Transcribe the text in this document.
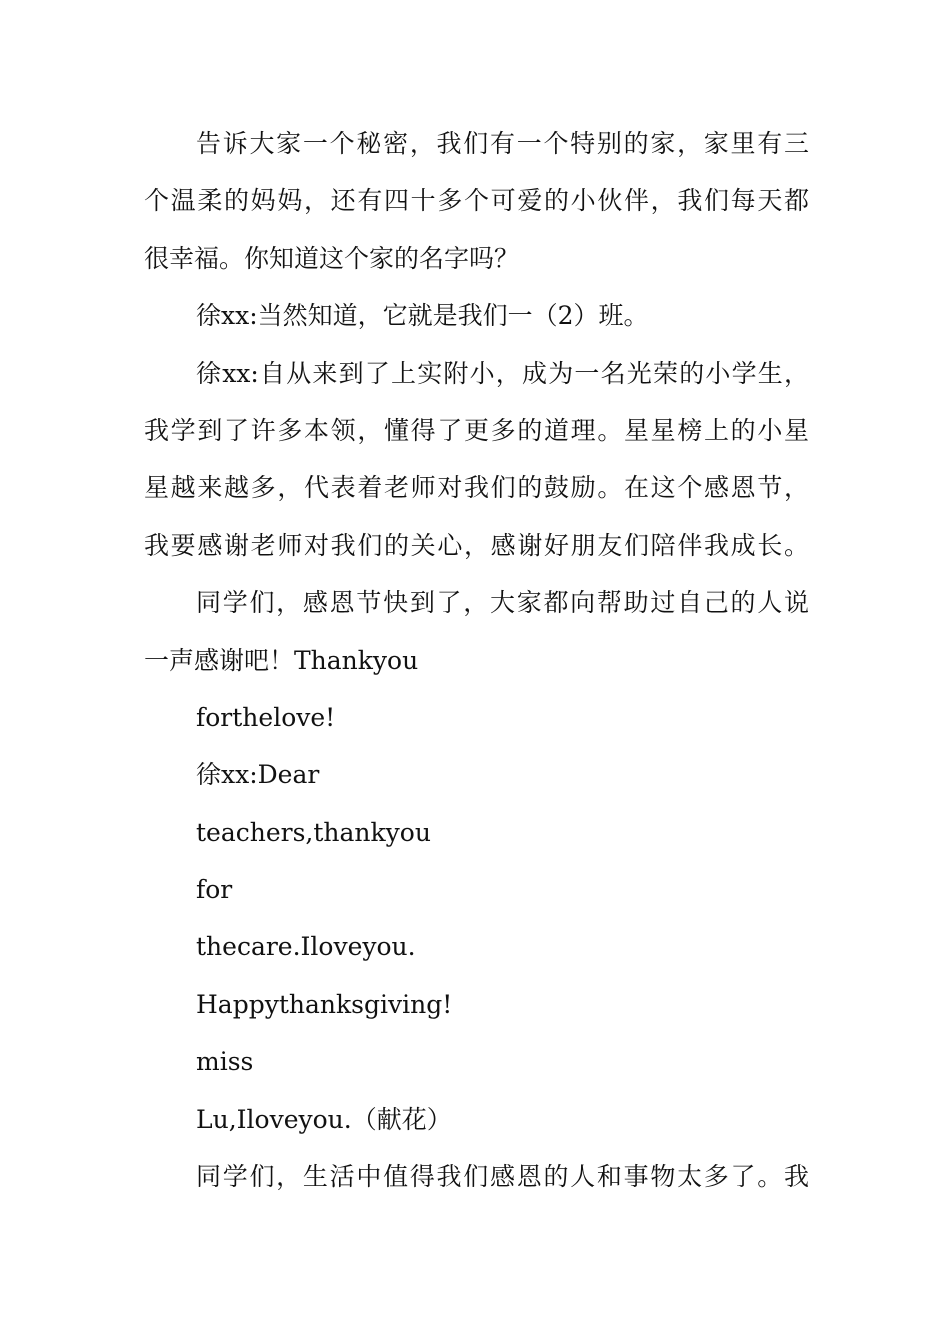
告诉大家一个秘密，我们有一个特别的家，家里有三
个温柔的妈妈，还有四十多个可爱的小伙伴，我们每天都
很幸福。你知道这个家的名字吗？
徐xx:当然知道，它就是我们一（2）班。
徐xx:自从来到了上实附小，成为一名光荣的小学生，
我学到了许多本领，懂得了更多的道理。星星榜上的小星
星越来越多，代表着老师对我们的鼓励。在这个感恩节，
我要感谢老师对我们的关心，感谢好朋友们陪伴我成长。
同学们，感恩节快到了，大家都向帮助过自己的人说
一声感谢吧！Thankyou
forthelove!
徐xx:Dear
teachers,thankyou
for
thecare.Iloveyou.
Happythanksgiving!
miss
Lu,Iloveyou.（献花）
同学们，生活中值得我们感恩的人和事物太多了。我
